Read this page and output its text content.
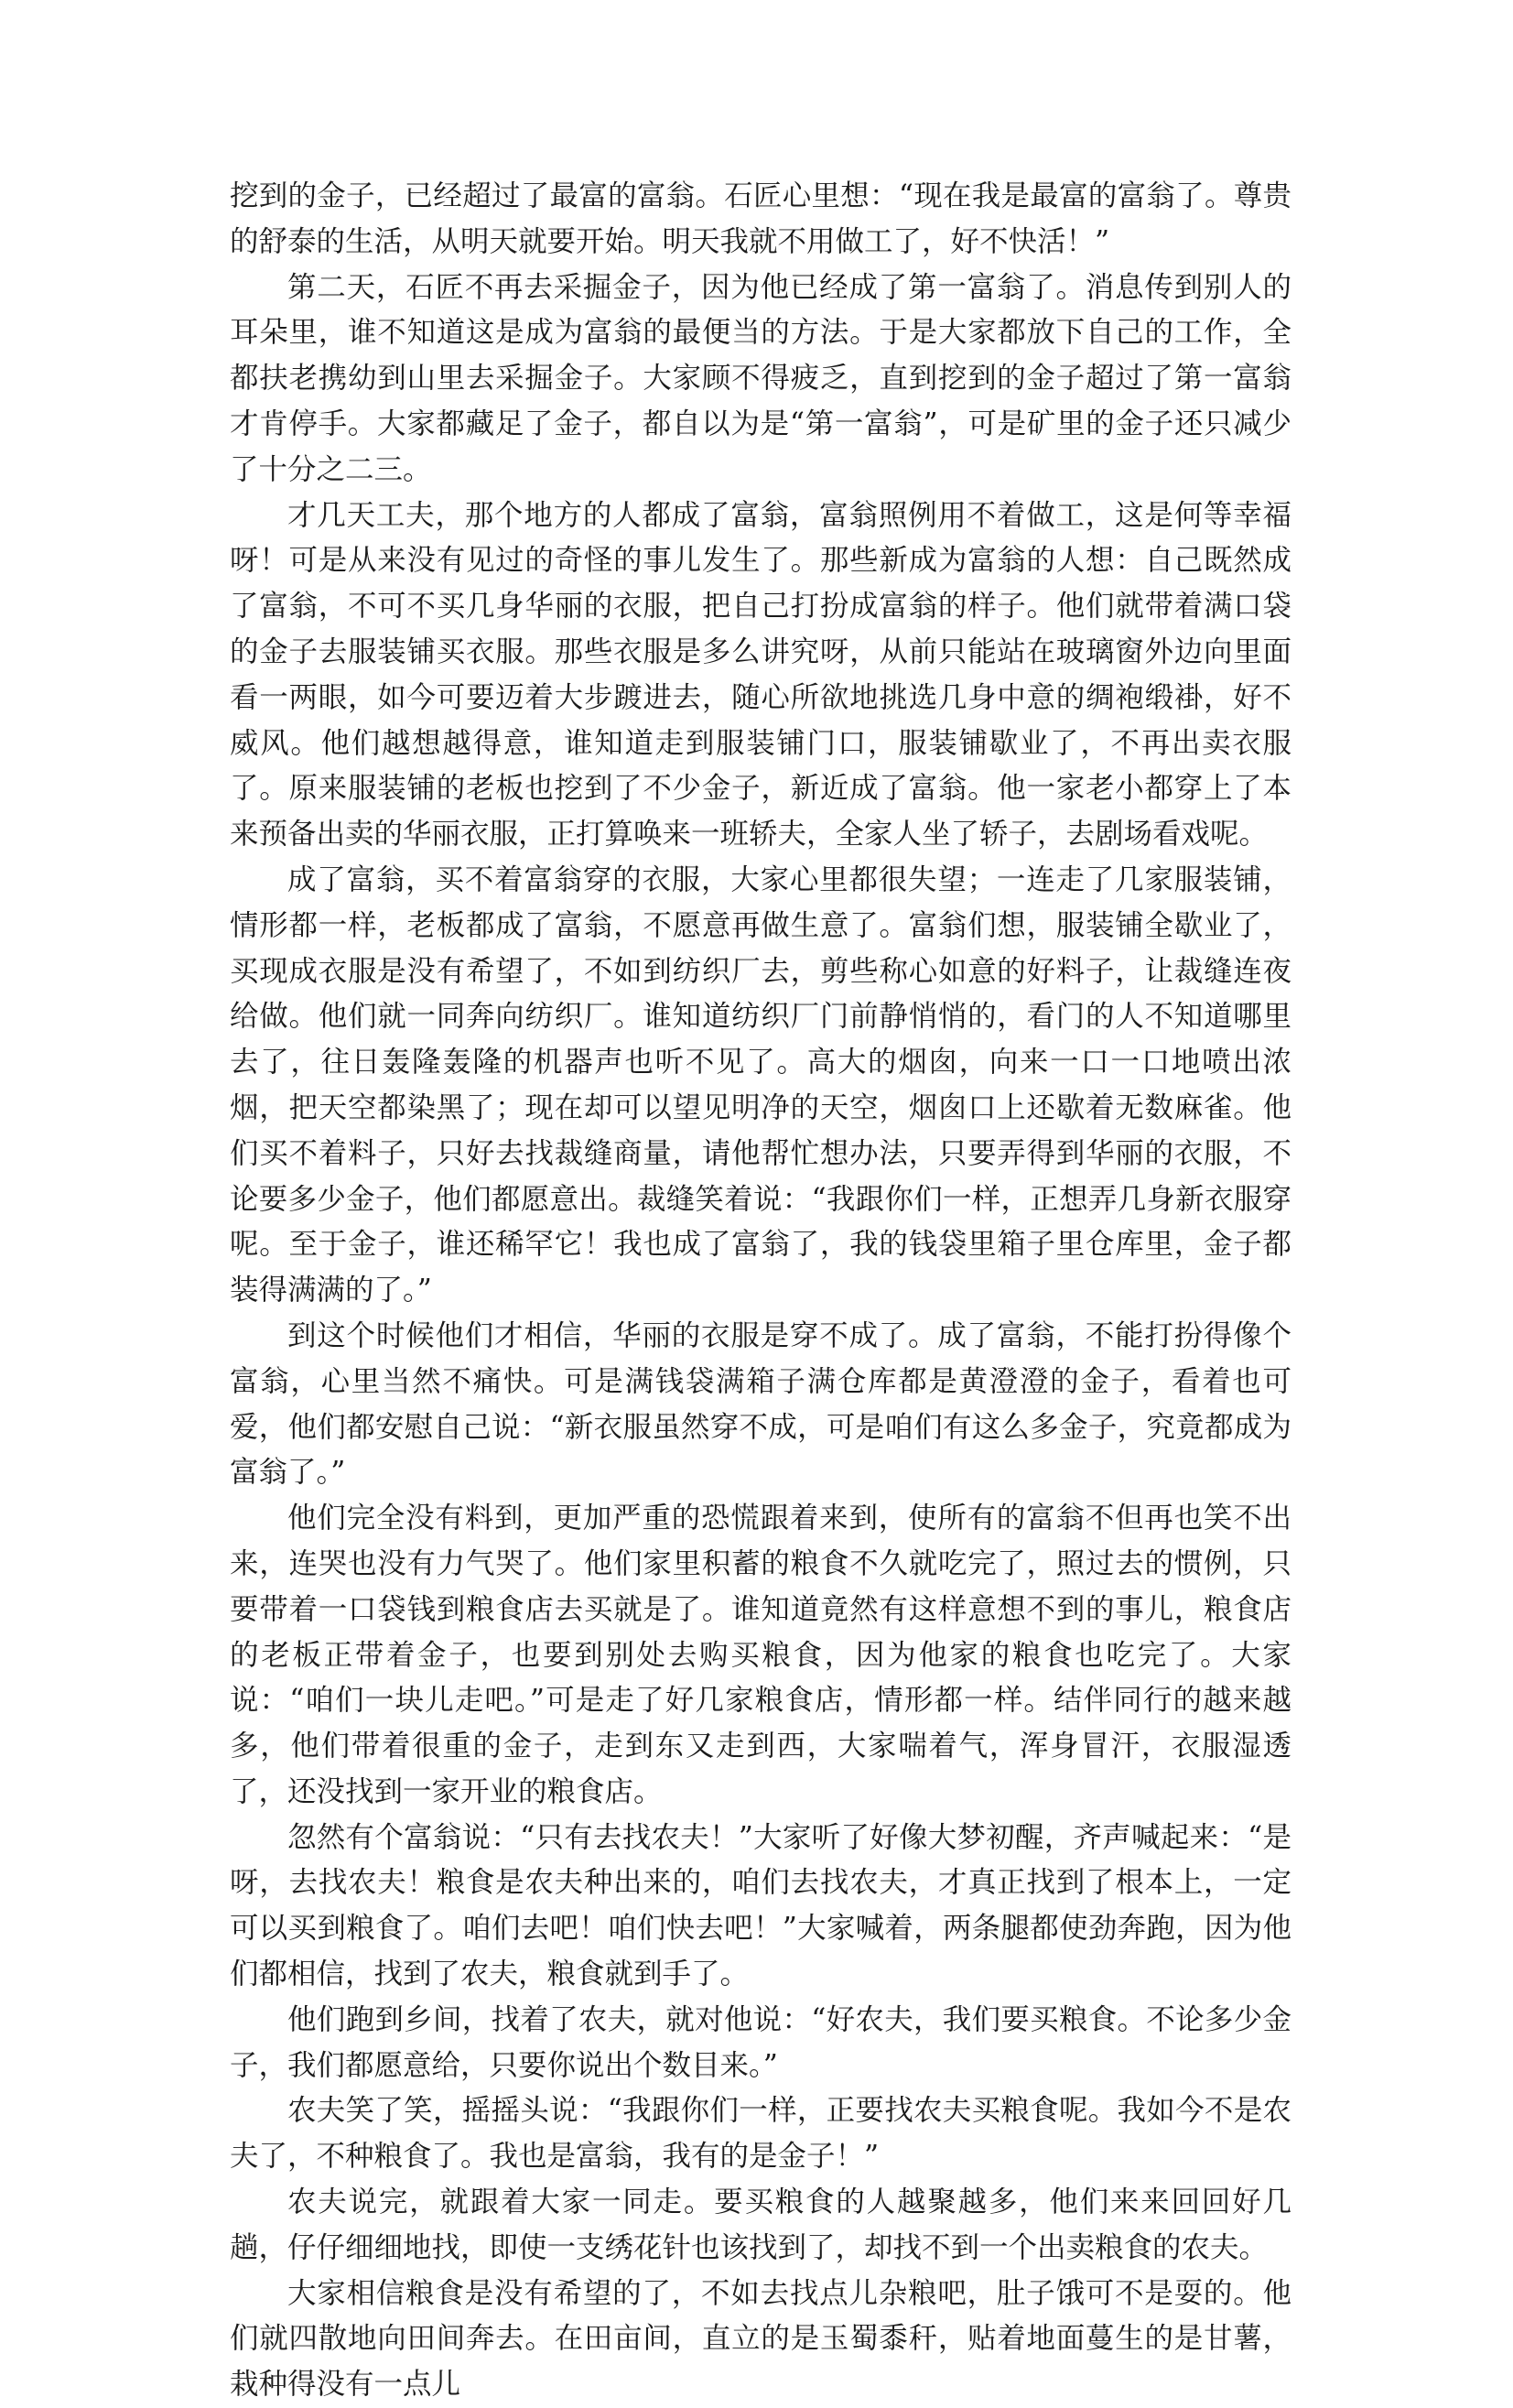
挖到的金子，已经超过了最富的富翁。石匠心里想：“现在我是最富的富翁了。尊贵的舒泰的生活，从明天就要开始。明天我就不用做工了，好不快活！”

第二天，石匠不再去采掘金子，因为他已经成了第一富翁了。消息传到别人的耳朵里，谁不知道这是成为富翁的最便当的方法。于是大家都放下自己的工作，全都扶老携幼到山里去采掘金子。大家顾不得疲乏，直到挖到的金子超过了第一富翁才肯停手。大家都藏足了金子，都自以为是“第一富翁”，可是矿里的金子还只减少了十分之二三。

才几天工夫，那个地方的人都成了富翁，富翁照例用不着做工，这是何等幸福呀！可是从来没有见过的奇怪的事儿发生了。那些新成为富翁的人想：自己既然成了富翁，不可不买几身华丽的衣服，把自己打扮成富翁的样子。他们就带着满口袋的金子去服装铺买衣服。那些衣服是多么讲究呀，从前只能站在玻璃窗外边向里面看一两眼，如今可要迈着大步踱进去，随心所欲地挑选几身中意的绸袍缎褂，好不威风。他们越想越得意，谁知道走到服装铺门口，服装铺歇业了，不再出卖衣服了。原来服装铺的老板也挖到了不少金子，新近成了富翁。他一家老小都穿上了本来预备出卖的华丽衣服，正打算唤来一班轿夫，全家人坐了轿子，去剧场看戏呢。

成了富翁，买不着富翁穿的衣服，大家心里都很失望；一连走了几家服装铺，情形都一样，老板都成了富翁，不愿意再做生意了。富翁们想，服装铺全歇业了，买现成衣服是没有希望了，不如到纺织厂去，剪些称心如意的好料子，让裁缝连夜给做。他们就一同奔向纺织厂。谁知道纺织厂门前静悄悄的，看门的人不知道哪里去了，往日轰隆轰隆的机器声也听不见了。高大的烟囱，向来一口一口地喷出浓烟，把天空都染黑了；现在却可以望见明净的天空，烟囱口上还歇着无数麻雀。他们买不着料子，只好去找裁缝商量，请他帮忙想办法，只要弄得到华丽的衣服，不论要多少金子，他们都愿意出。裁缝笑着说：“我跟你们一样，正想弄几身新衣服穿呢。至于金子，谁还稀罕它！我也成了富翁了，我的钱袋里箱子里仓库里，金子都装得满满的了。”

到这个时候他们才相信，华丽的衣服是穿不成了。成了富翁，不能打扮得像个富翁，心里当然不痛快。可是满钱袋满箱子满仓库都是黄澄澄的金子，看着也可爱，他们都安慰自己说：“新衣服虽然穿不成，可是咱们有这么多金子，究竟都成为富翁了。”

他们完全没有料到，更加严重的恐慌跟着来到，使所有的富翁不但再也笑不出来，连哭也没有力气哭了。他们家里积蓄的粮食不久就吃完了，照过去的惯例，只要带着一口袋钱到粮食店去买就是了。谁知道竟然有这样意想不到的事儿，粮食店的老板正带着金子，也要到别处去购买粮食，因为他家的粮食也吃完了。大家说：“咱们一块儿走吧。”可是走了好几家粮食店，情形都一样。结伴同行的越来越多，他们带着很重的金子，走到东又走到西，大家喘着气，浑身冒汗，衣服湿透了，还没找到一家开业的粮食店。

忽然有个富翁说：“只有去找农夫！”大家听了好像大梦初醒，齐声喊起来：“是呀，去找农夫！粮食是农夫种出来的，咱们去找农夫，才真正找到了根本上，一定可以买到粮食了。咱们去吧！咱们快去吧！”大家喊着，两条腿都使劲奔跑，因为他们都相信，找到了农夫，粮食就到手了。

他们跑到乡间，找着了农夫，就对他说：“好农夫，我们要买粮食。不论多少金子，我们都愿意给，只要你说出个数目来。”

农夫笑了笑，摇摇头说：“我跟你们一样，正要找农夫买粮食呢。我如今不是农夫了，不种粮食了。我也是富翁，我有的是金子！”

农夫说完，就跟着大家一同走。要买粮食的人越聚越多，他们来来回回好几趟，仔仔细细地找，即使一支绣花针也该找到了，却找不到一个出卖粮食的农夫。

大家相信粮食是没有希望的了，不如去找点儿杂粮吧，肚子饿可不是耍的。他们就四散地向田间奔去。在田亩间，直立的是玉蜀黍秆，贴着地面蔓生的是甘薯，栽种得没有一点儿
